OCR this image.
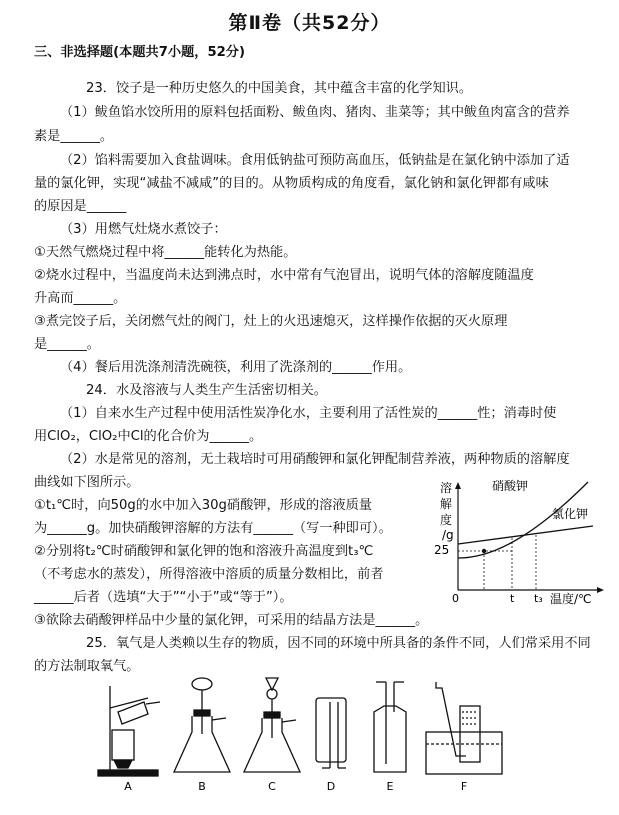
第Ⅱ卷（共52分）
三、非选择题(本题共7小题，52分)
23．饺子是一种历史悠久的中国美食，其中蕴含丰富的化学知识。
（1）鲅鱼馅水饺所用的原料包括面粉、鲅鱼肉、猪肉、韭菜等；其中鲅鱼肉富含的营养
素是______。
（2）馅料需要加入食盐调味。食用低钠盐可预防高血压，低钠盐是在氯化钠中添加了适
量的氯化钾，实现“减盐不减咸”的目的。从物质构成的角度看，氯化钠和氯化钾都有咸味
的原因是______
（3）用燃气灶烧水煮饺子：
①天然气燃烧过程中将______能转化为热能。
②烧水过程中，当温度尚未达到沸点时，水中常有气泡冒出，说明气体的溶解度随温度
升高而______。
③煮完饺子后，关闭燃气灶的阀门，灶上的火迅速熄灭，这样操作依据的灭火原理
是______。
（4）餐后用洗涤剂清洗碗筷，利用了洗涤剂的______作用。
24．水及溶液与人类生产生活密切相关。
（1）自来水生产过程中使用活性炭净化水，主要利用了活性炭的______性；消毒时使
用ClO₂，ClO₂中Cl的化合价为______。
（2）水是常见的溶剂，无土栽培时可用硝酸钾和氯化钾配制营养液，两种物质的溶解度
曲线如下图所示。
①t₁℃时，向50g的水中加入30g硝酸钾，形成的溶液质量
为______g。加快硝酸钾溶解的方法有______（写一种即可）。
②分别将t₂℃时硝酸钾和氯化钾的饱和溶液升高温度到t₃℃
（不考虑水的蒸发），所得溶液中溶质的质量分数相比，前者
______后者（选填“大于”“小于”或“等于”）。
③欲除去硝酸钾样品中少量的氯化钾，可采用的结晶方法是______。
25．氧气是人类赖以生存的物质，因不同的环境中所具备的条件不同，人们常采用不同
的方法制取氧气。
溶
解
度
/g
25
0	t t₃ 温度/℃
硝酸钾
氯化钾
A	B	C	D	E	F
